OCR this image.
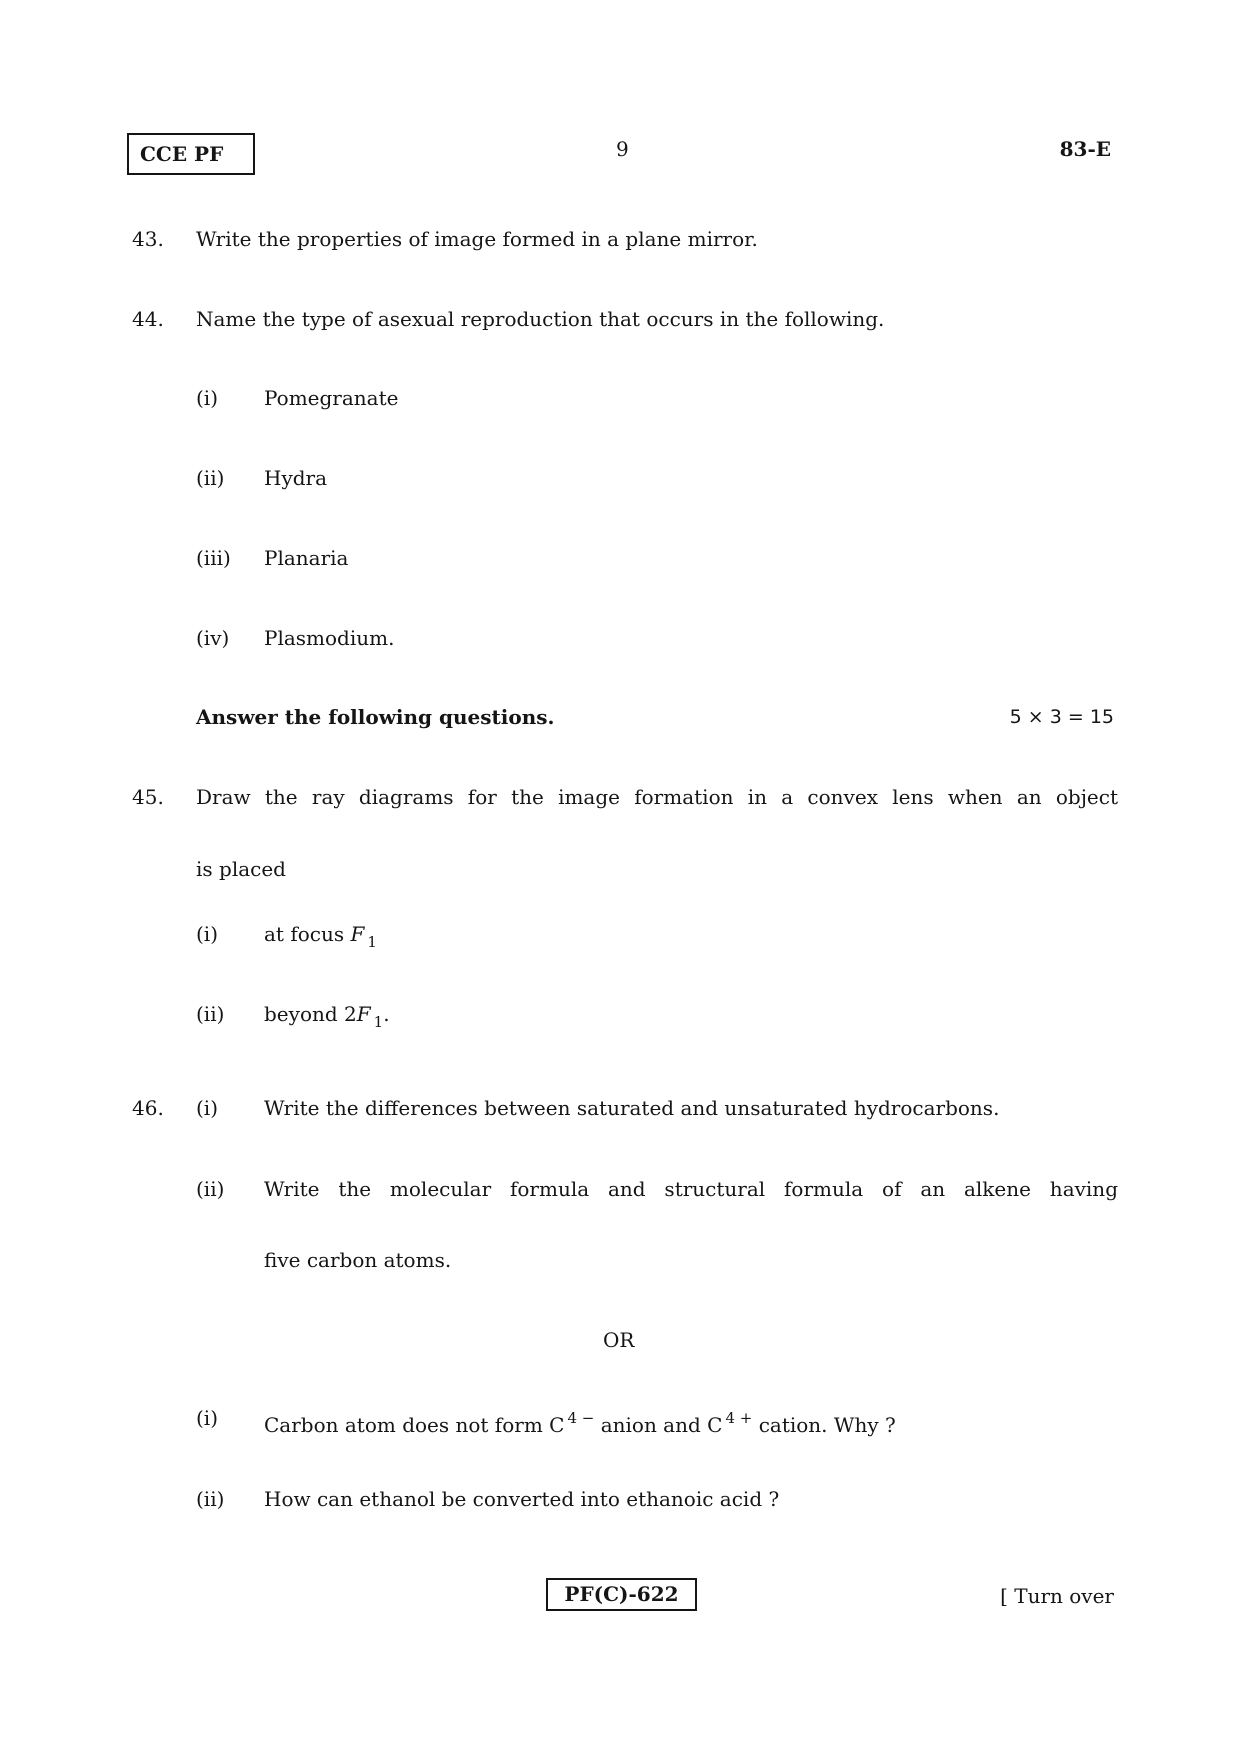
CCE PF	9	83-E
43. Write the properties of image formed in a plane mirror.
44. Name the type of asexual reproduction that occurs in the following.
(i) Pomegranate
(ii) Hydra
(iii) Planaria
(iv) Plasmodium.
Answer the following questions.	5 × 3 = 15
45. Draw the ray diagrams for the image formation in a convex lens when an object
is placed
(i) at focus F $_1$
(ii) beyond 2F $_1$.
46. (i) Write the differences between saturated and unsaturated hydrocarbons.
(ii) Write the molecular formula and structural formula of an alkene having
five carbon atoms.
OR
(i) Carbon atom does not form C $^{4 -}$ anion and C $^{4 +}$ cation. Why ?
(ii) How can ethanol be converted into ethanoic acid ?
PF(C)-622	[ Turn over
